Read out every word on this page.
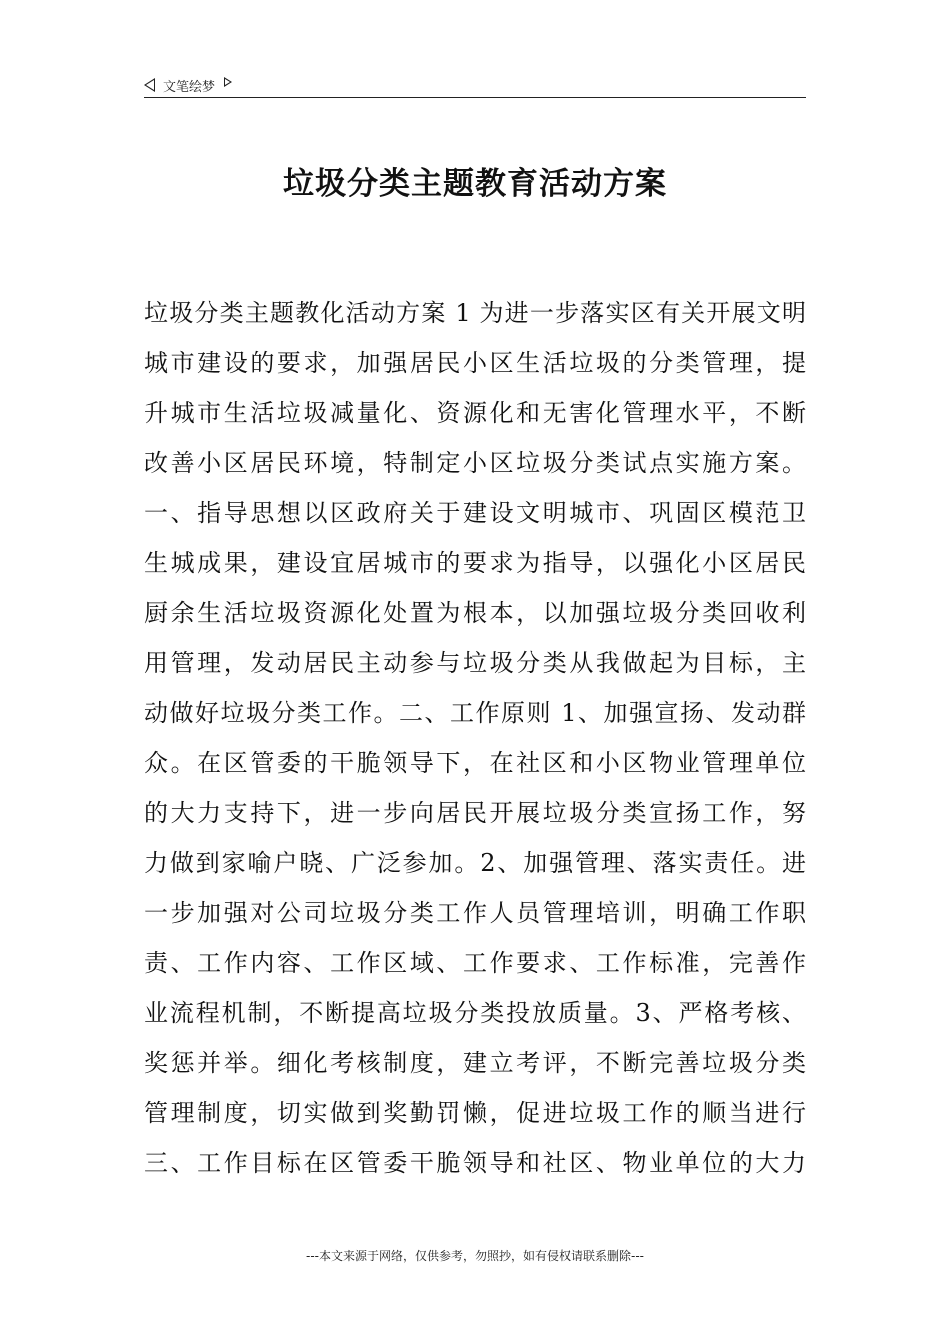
文笔绘梦
垃圾分类主题教育活动方案
垃圾分类主题教化活动方案 1 为进一步落实区有关开展文明
城市建设的要求，加强居民小区生活垃圾的分类管理，提
升城市生活垃圾减量化、资源化和无害化管理水平，不断
改善小区居民环境，特制定小区垃圾分类试点实施方案。
一、指导思想以区政府关于建设文明城市、巩固区模范卫
生城成果，建设宜居城市的要求为指导，以强化小区居民
厨余生活垃圾资源化处置为根本，以加强垃圾分类回收利
用管理，发动居民主动参与垃圾分类从我做起为目标，主
动做好垃圾分类工作。二、工作原则 1、加强宣扬、发动群
众。在区管委的干脆领导下，在社区和小区物业管理单位
的大力支持下，进一步向居民开展垃圾分类宣扬工作，努
力做到家喻户晓、广泛参加。2、加强管理、落实责任。进
一步加强对公司垃圾分类工作人员管理培训，明确工作职
责、工作内容、工作区域、工作要求、工作标准，完善作
业流程机制，不断提高垃圾分类投放质量。3、严格考核、
奖惩并举。细化考核制度，建立考评，不断完善垃圾分类
管理制度，切实做到奖勤罚懒，促进垃圾工作的顺当进行
三、工作目标在区管委干脆领导和社区、物业单位的大力
---本文来源于网络，仅供参考，勿照抄，如有侵权请联系删除---
